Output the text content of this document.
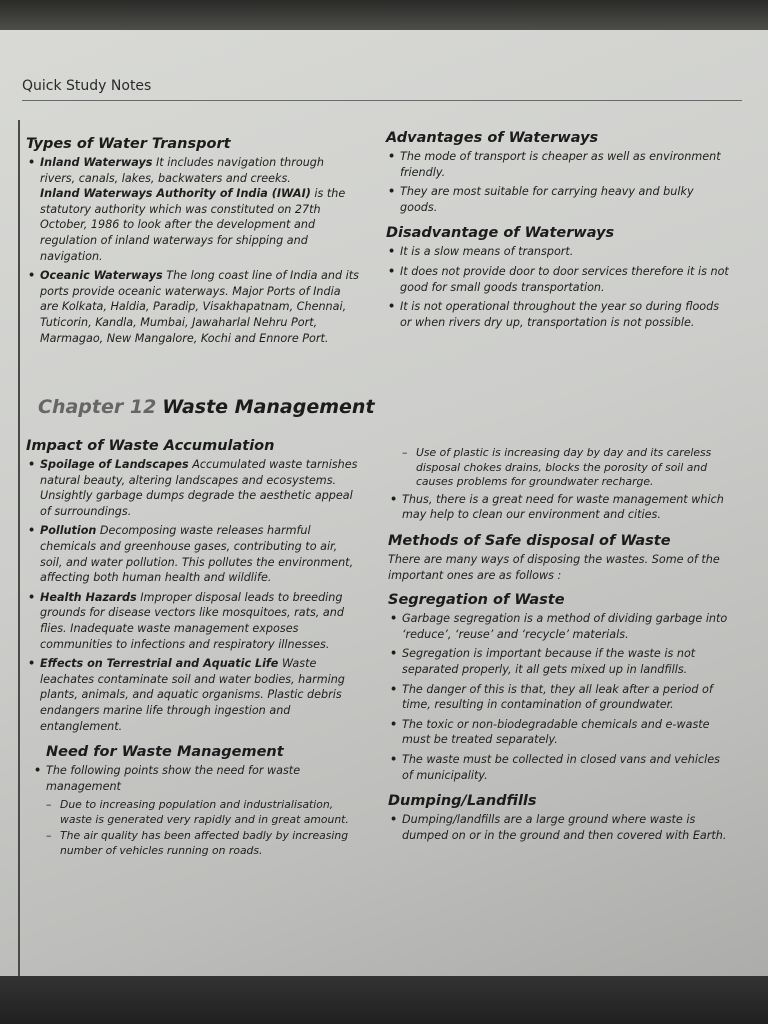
Quick Study Notes
Types of Water Transport
• Inland Waterways It includes navigation through rivers, canals, lakes, backwaters and creeks.
Inland Waterways Authority of India (IWAI) is the statutory authority which was constituted on 27th October, 1986 to look after the development and regulation of inland waterways for shipping and navigation.
• Oceanic Waterways The long coast line of India and its ports provide oceanic waterways. Major Ports of India are Kolkata, Haldia, Paradip, Visakhapatnam, Chennai, Tuticorin, Kandla, Mumbai, Jawaharlal Nehru Port, Marmagao, New Mangalore, Kochi and Ennore Port.
Advantages of Waterways
• The mode of transport is cheaper as well as environment friendly.
• They are most suitable for carrying heavy and bulky goods.
Disadvantage of Waterways
• It is a slow means of transport.
• It does not provide door to door services therefore it is not good for small goods transportation.
• It is not operational throughout the year so during floods or when rivers dry up, transportation is not possible.
Chapter 12 Waste Management
Impact of Waste Accumulation
• Spoilage of Landscapes Accumulated waste tarnishes natural beauty, altering landscapes and ecosystems. Unsightly garbage dumps degrade the aesthetic appeal of surroundings.
• Pollution Decomposing waste releases harmful chemicals and greenhouse gases, contributing to air, soil, and water pollution. This pollutes the environment, affecting both human health and wildlife.
• Health Hazards Improper disposal leads to breeding grounds for disease vectors like mosquitoes, rats, and flies. Inadequate waste management exposes communities to infections and respiratory illnesses.
• Effects on Terrestrial and Aquatic Life Waste leachates contaminate soil and water bodies, harming plants, animals, and aquatic organisms. Plastic debris endangers marine life through ingestion and entanglement.
Need for Waste Management
• The following points show the need for waste management
– Due to increasing population and industrialisation, waste is generated very rapidly and in great amount.
– The air quality has been affected badly by increasing number of vehicles running on roads.
– Use of plastic is increasing day by day and its careless disposal chokes drains, blocks the porosity of soil and causes problems for groundwater recharge.
• Thus, there is a great need for waste management which may help to clean our environment and cities.
Methods of Safe disposal of Waste
There are many ways of disposing the wastes. Some of the important ones are as follows :
Segregation of Waste
• Garbage segregation is a method of dividing garbage into ‘reduce’, ‘reuse’ and ‘recycle’ materials.
• Segregation is important because if the waste is not separated properly, it all gets mixed up in landfills.
• The danger of this is that, they all leak after a period of time, resulting in contamination of groundwater.
• The toxic or non-biodegradable chemicals and e-waste must be treated separately.
• The waste must be collected in closed vans and vehicles of municipality.
Dumping/Landfills
• Dumping/landfills are a large ground where waste is dumped on or in the ground and then covered with Earth.
